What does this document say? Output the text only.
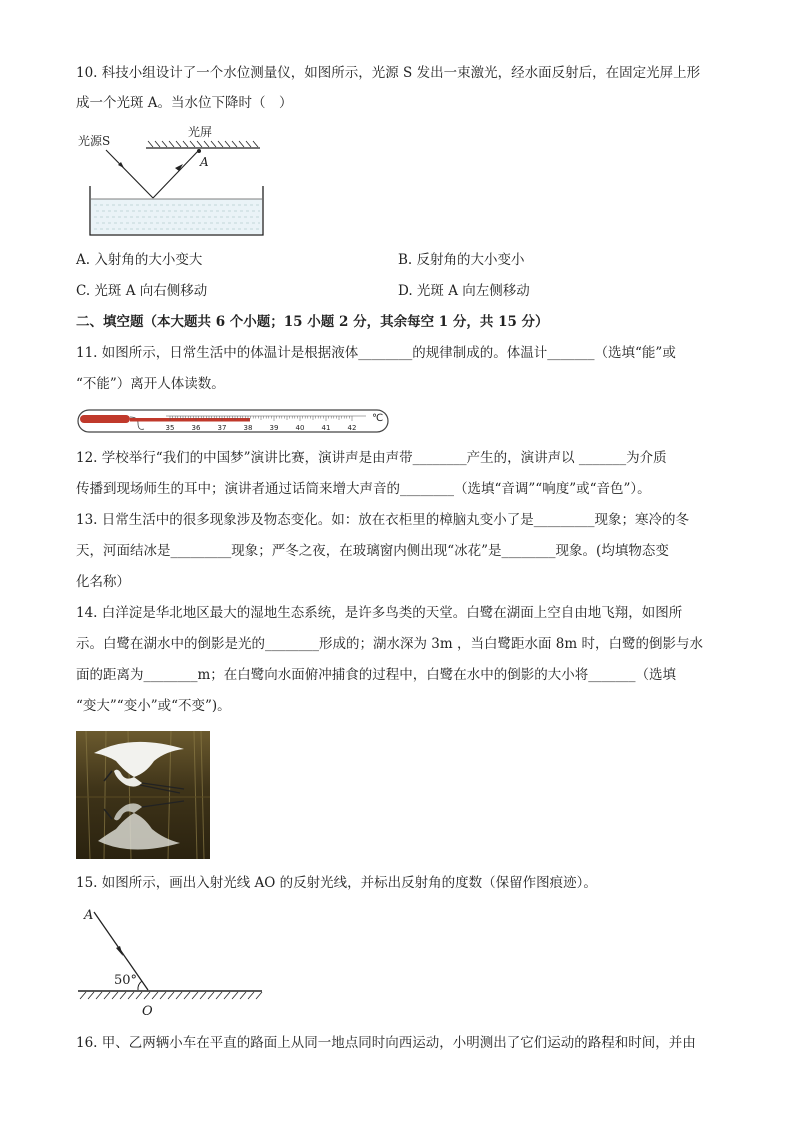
10. 科技小组设计了一个水位测量仪，如图所示，光源 S 发出一束激光，经水面反射后，在固定光屏上形
成一个光斑 A。当水位下降时（　）
光源S
光屏
A
A. 入射角的大小变大	B. 反射角的大小变小
C. 光斑 A 向右侧移动	D. 光斑 A 向左侧移动
二、填空题（本大题共 6 个小题；15 小题 2 分，其余每空 1 分，共 15 分）
11. 如图所示，日常生活中的体温计是根据液体________的规律制成的。体温计_______（选填“能”或
“不能”）离开人体读数。
35 36 37 38 39 40 41 42
℃
12. 学校举行“我们的中国梦”演讲比赛，演讲声是由声带________产生的，演讲声以 _______为介质
传播到现场师生的耳中；演讲者通过话筒来增大声音的________（选填“音调”“响度”或“音色”）。
13. 日常生活中的很多现象涉及物态变化。如：放在衣柜里的樟脑丸变小了是_________现象；寒冷的冬
天，河面结冰是_________现象；严冬之夜，在玻璃窗内侧出现“冰花”是________现象。(均填物态变
化名称）
14. 白洋淀是华北地区最大的湿地生态系统，是许多鸟类的天堂。白鹭在湖面上空自由地飞翔，如图所
示。白鹭在湖水中的倒影是光的________形成的；湖水深为 3m ，当白鹭距水面 8m 时，白鹭的倒影与水
面的距离为________m；在白鹭向水面俯冲捕食的过程中，白鹭在水中的倒影的大小将_______（选填
“变大”“变小”或“不变”)。
15. 如图所示，画出入射光线 AO 的反射光线，并标出反射角的度数（保留作图痕迹）。
A
50°
O
16. 甲、乙两辆小车在平直的路面上从同一地点同时向西运动，小明测出了它们运动的路程和时间，并由
